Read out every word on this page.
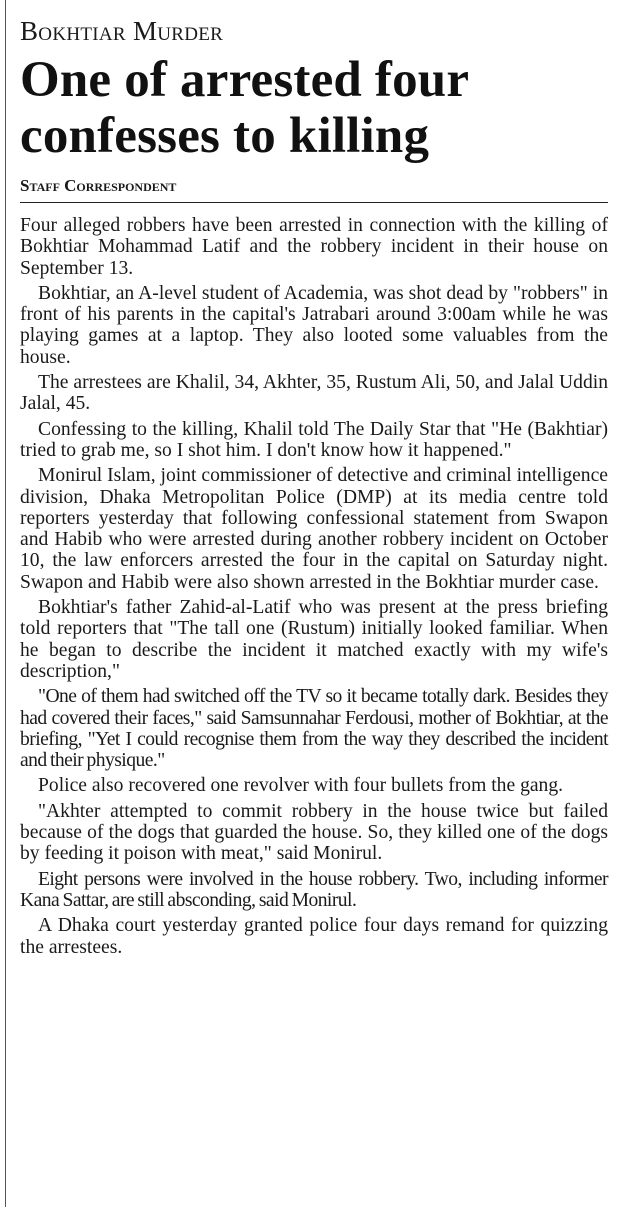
Bokhtiar Murder
One of arrested four confesses to killing
Staff Correspondent

Four alleged robbers have been arrested in connection with the killing of Bokhtiar Mohammad Latif and the robbery incident in their house on September 13.

Bokhtiar, an A-level student of Academia, was shot dead by "robbers" in front of his parents in the capital's Jatrabari around 3:00am while he was playing games at a laptop. They also looted some valuables from the house.

The arrestees are Khalil, 34, Akhter, 35, Rustum Ali, 50, and Jalal Uddin Jalal, 45.

Confessing to the killing, Khalil told The Daily Star that "He (Bakhtiar) tried to grab me, so I shot him. I don't know how it happened."

Monirul Islam, joint commissioner of detective and criminal intelligence division, Dhaka Metropolitan Police (DMP) at its media centre told reporters yesterday that following confessional statement from Swapon and Habib who were arrested during another robbery incident on October 10, the law enforcers arrested the four in the capital on Saturday night. Swapon and Habib were also shown arrested in the Bokhtiar murder case.

Bokhtiar's father Zahid-al-Latif who was present at the press briefing told reporters that "The tall one (Rustum) initially looked familiar. When he began to describe the incident it matched exactly with my wife's description,"

"One of them had switched off the TV so it became totally dark. Besides they had covered their faces," said Samsunnahar Ferdousi, mother of Bokhtiar, at the briefing, "Yet I could recognise them from the way they described the incident and their physique."

Police also recovered one revolver with four bullets from the gang.

"Akhter attempted to commit robbery in the house twice but failed because of the dogs that guarded the house. So, they killed one of the dogs by feeding it poison with meat," said Monirul.

Eight persons were involved in the house robbery. Two, including informer Kana Sattar, are still absconding, said Monirul.

A Dhaka court yesterday granted police four days remand for quizzing the arrestees.
